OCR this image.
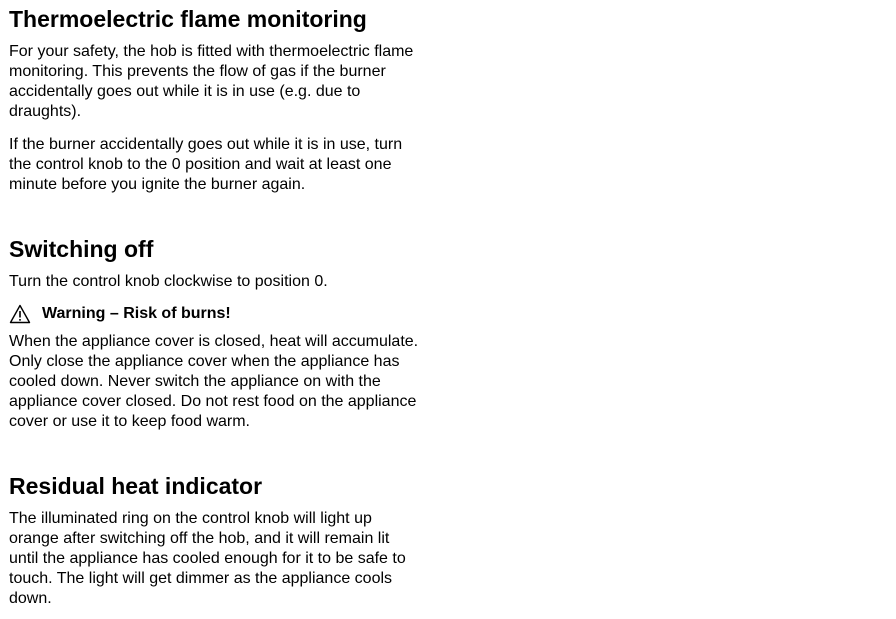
Thermoelectric flame monitoring
For your safety, the hob is fitted with thermoelectric flame
monitoring. This prevents the flow of gas if the burner
accidentally goes out while it is in use (e.g. due to
draughts).
If the burner accidentally goes out while it is in use, turn
the control knob to the 0 position and wait at least one
minute before you ignite the burner again.
Switching off
Turn the control knob clockwise to position 0.
Warning – Risk of burns!
When the appliance cover is closed, heat will accumulate.
Only close the appliance cover when the appliance has
cooled down. Never switch the appliance on with the
appliance cover closed. Do not rest food on the appliance
cover or use it to keep food warm.
Residual heat indicator
The illuminated ring on the control knob will light up
orange after switching off the hob, and it will remain lit
until the appliance has cooled enough for it to be safe to
touch. The light will get dimmer as the appliance cools
down.
